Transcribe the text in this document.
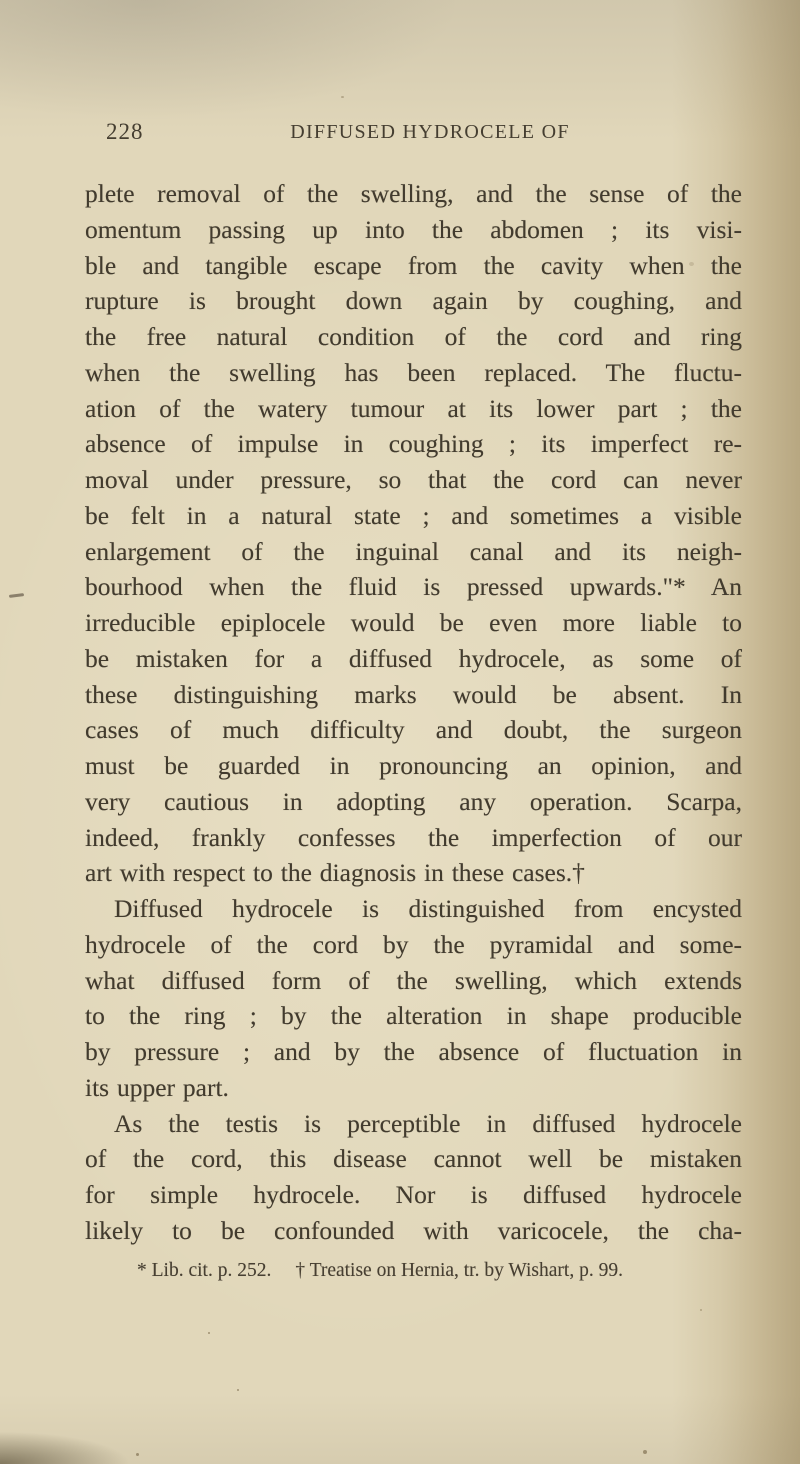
228	DIFFUSED HYDROCELE OF
plete removal of the swelling, and the sense of the
omentum passing up into the abdomen ; its visi-
ble and tangible escape from the cavity when the
rupture is brought down again by coughing, and
the free natural condition of the cord and ring
when the swelling has been replaced. The fluctu-
ation of the watery tumour at its lower part ; the
absence of impulse in coughing ; its imperfect re-
moval under pressure, so that the cord can never
be felt in a natural state ; and sometimes a visible
enlargement of the inguinal canal and its neigh-
bourhood when the fluid is pressed upwards."* An
irreducible epiplocele would be even more liable to
be mistaken for a diffused hydrocele, as some of
these distinguishing marks would be absent. In
cases of much difficulty and doubt, the surgeon
must be guarded in pronouncing an opinion, and
very cautious in adopting any operation. Scarpa,
indeed, frankly confesses the imperfection of our
art with respect to the diagnosis in these cases.†
Diffused hydrocele is distinguished from encysted
hydrocele of the cord by the pyramidal and some-
what diffused form of the swelling, which extends
to the ring ; by the alteration in shape producible
by pressure ; and by the absence of fluctuation in
its upper part.
As the testis is perceptible in diffused hydrocele
of the cord, this disease cannot well be mistaken
for simple hydrocele. Nor is diffused hydrocele
likely to be confounded with varicocele, the cha-
* Lib. cit. p. 252. † Treatise on Hernia, tr. by Wishart, p. 99.
